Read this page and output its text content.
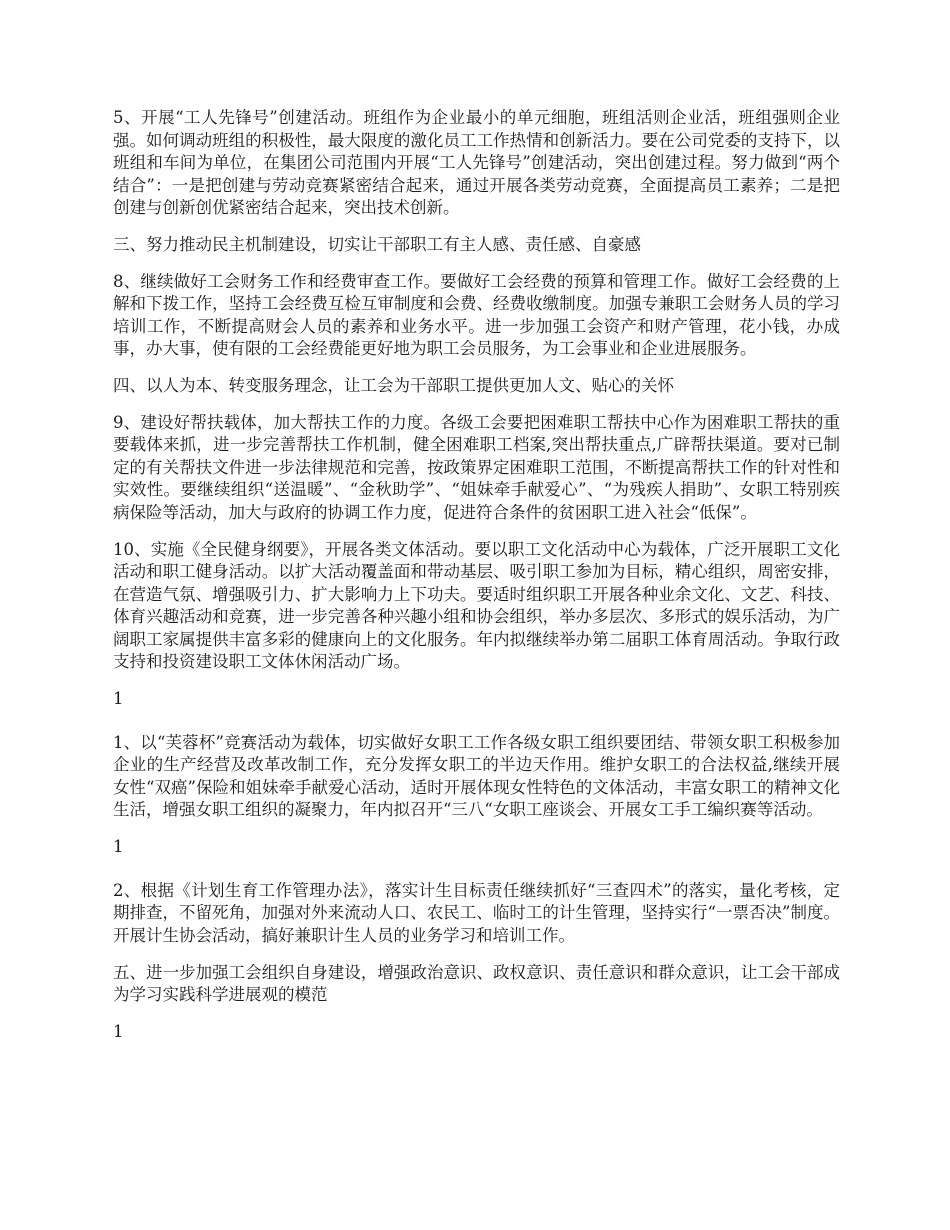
5、开展“工人先锋号”创建活动。班组作为企业最小的单元细胞，班组活则企业活，班组强则企业强。如何调动班组的积极性，最大限度的激化员工工作热情和创新活力。要在公司党委的支持下，以班组和车间为单位，在集团公司范围内开展“工人先锋号”创建活动，突出创建过程。努力做到“两个结合”：一是把创建与劳动竞赛紧密结合起来，通过开展各类劳动竞赛，全面提高员工素养；二是把创建与创新创优紧密结合起来，突出技术创新。

三、努力推动民主机制建设，切实让干部职工有主人感、责任感、自豪感

8、继续做好工会财务工作和经费审查工作。要做好工会经费的预算和管理工作。做好工会经费的上解和下拨工作，坚持工会经费互检互审制度和会费、经费收缴制度。加强专兼职工会财务人员的学习培训工作，不断提高财会人员的素养和业务水平。进一步加强工会资产和财产管理，花小钱，办成事，办大事，使有限的工会经费能更好地为职工会员服务，为工会事业和企业进展服务。

四、以人为本、转变服务理念，让工会为干部职工提供更加人文、贴心的关怀

9、建设好帮扶载体，加大帮扶工作的力度。各级工会要把困难职工帮扶中心作为困难职工帮扶的重要载体来抓，进一步完善帮扶工作机制，健全困难职工档案,突出帮扶重点,广辟帮扶渠道。要对已制定的有关帮扶文件进一步法律规范和完善，按政策界定困难职工范围，不断提高帮扶工作的针对性和实效性。要继续组织“送温暖”、“金秋助学”、“姐妹牵手献爱心”、“为残疾人捐助”、女职工特别疾病保险等活动，加大与政府的协调工作力度，促进符合条件的贫困职工进入社会“低保”。

10、实施《全民健身纲要》，开展各类文体活动。要以职工文化活动中心为载体，广泛开展职工文化活动和职工健身活动。以扩大活动覆盖面和带动基层、吸引职工参加为目标，精心组织，周密安排，在营造气氛、增强吸引力、扩大影响力上下功夫。要适时组织职工开展各种业余文化、文艺、科技、体育兴趣活动和竞赛，进一步完善各种兴趣小组和协会组织，举办多层次、多形式的娱乐活动，为广阔职工家属提供丰富多彩的健康向上的文化服务。年内拟继续举办第二届职工体育周活动。争取行政支持和投资建设职工文体休闲活动广场。

1

1、以“芙蓉杯”竞赛活动为载体，切实做好女职工工作各级女职工组织要团结、带领女职工积极参加企业的生产经营及改革改制工作，充分发挥女职工的半边天作用。维护女职工的合法权益,继续开展女性“双癌”保险和姐妹牵手献爱心活动，适时开展体现女性特色的文体活动，丰富女职工的精神文化生活，增强女职工组织的凝聚力，年内拟召开“三八“女职工座谈会、开展女工手工编织赛等活动。

1

2、根据《计划生育工作管理办法》，落实计生目标责任继续抓好“三查四术”的落实，量化考核，定期排查，不留死角，加强对外来流动人口、农民工、临时工的计生管理，坚持实行“一票否决”制度。开展计生协会活动，搞好兼职计生人员的业务学习和培训工作。

五、进一步加强工会组织自身建设，增强政治意识、政权意识、责任意识和群众意识，让工会干部成为学习实践科学进展观的模范

1
